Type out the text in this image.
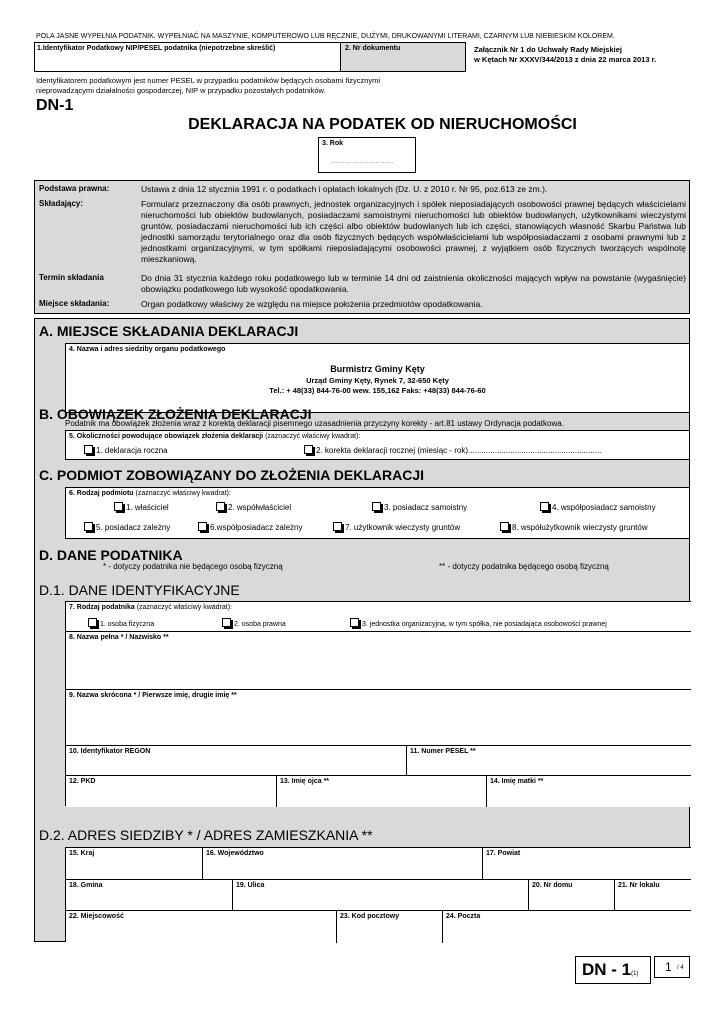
POLA JASNE WYPEŁNIA PODATNIK. WYPEŁNIAĆ NA MASZYNIE, KOMPUTEROWO LUB RĘCZNIE, DUŻYMI, DRUKOWANYMI LITERAMI, CZARNYM LUB NIEBIESKIM KOLOREM.
1.Identyfikator Podatkowy NIP/PESEL podatnika (niepotrzebne skreślić)	2. Nr dokumentu	Załącznik Nr 1 do Uchwały Rady Miejskiej
w Kętach Nr XXXV/344/2013 z dnia 22 marca 2013 r.
Identyfikatorem podatkowym jest numer PESEL w przypadku podatników będących osobami fizycznymi
nieprowadzącymi działalności gospodarczej, NIP w przypadku pozostałych podatników.
DN-1
DEKLARACJA NA PODATEK OD NIERUCHOMOŚCI
3. Rok
………………………
Podstawa prawna:	Ustawa z dnia 12 stycznia 1991 r. o podatkach i opłatach lokalnych (Dz. U. z 2010 r. Nr 95, poz.613 ze zm.).
Składający:	Formularz przeznaczony dla osób prawnych, jednostek organizacyjnych i spółek nieposiadających osobowości prawnej będących właścicielami nieruchomości lub obiektów budowlanych, posiadaczami samoistnymi nieruchomości lub obiektów budowlanych, użytkownikami wieczystymi gruntów, posiadaczami nieruchomości lub ich części albo obiektów budowlanych lub ich części, stanowiących własność Skarbu Państwa lub jednostki samorządu terytorialnego oraz dla osób fizycznych będących współwłaścicielami lub współposiadaczami z osobami prawnymi lub z jednostkami organizacyjnymi, w tym spółkami nieposiadającymi osobowości prawnej, z wyjątkiem osób fizycznych tworzących wspólnotę mieszkaniową.
Termin składania	Do dnia 31 stycznia każdego roku podatkowego lub w terminie 14 dni od zaistnienia okoliczności mających wpływ na powstanie (wygaśnięcie) obowiązku podatkowego lub wysokość opodatkowania.
Miejsce składania:	Organ podatkowy właściwy ze względu na miejsce położenia przedmiotów opodatkowania.
A. MIEJSCE SKŁADANIA DEKLARACJI
4. Nazwa i adres siedziby organu podatkowego
Burmistrz Gminy Kęty
Urząd Gminy Kęty, Rynek 7, 32-650 Kęty
Tel.: + 48(33) 844-76-00 wew. 155,162 Faks: +48(33) 844-76-60
B. OBOWIĄZEK ZŁOŻENIA DEKLARACJI
Podatnik ma obowiązek złożenia wraz z korektą deklaracji pisemnego uzasadnienia przyczyny korekty - art.81 ustawy Ordynacja podatkowa.
5. Okoliczności powodujące obowiązek złożenia deklaracji (zaznaczyć właściwy kwadrat):
1. deklaracja roczna	2. korekta deklaracji rocznej (miesiąc - rok)............................................................
C. PODMIOT ZOBOWIĄZANY DO ZŁOŻENIA DEKLARACJI
6. Rodzaj podmiotu (zaznaczyć właściwy kwadrat):
1. właściciel	2. współwłaściciel	3. posiadacz samoistny	4. współposiadacz samoistny
5. posiadacz zależny	6.współposiadacz zależny	7. użytkownik wieczysty gruntów	8. współużytkownik wieczysty gruntów
D. DANE PODATNIKA
* - dotyczy podatnika nie będącego osobą fizyczną	** - dotyczy podatnika będącego osobą fizyczną
D.1. DANE IDENTYFIKACYJNE
7. Rodzaj podatnika (zaznaczyć właściwy kwadrat):
1. osoba fizyczna	2. osoba prawna	3. jednostka organizacyjna, w tym spółka, nie posiadająca osobowości prawnej
8. Nazwa pełna * / Nazwisko **
9. Nazwa skrócona * / Pierwsze imię, drugie imię **
10. Identyfikator REGON	11. Numer PESEL **
12. PKD	13. Imię ojca **	14. Imię matki **
D.2. ADRES SIEDZIBY * / ADRES ZAMIESZKANIA **
15. Kraj	16. Województwo	17. Powiat
18. Gmina	19. Ulica	20. Nr domu	21. Nr lokalu
22. Miejscowość	23. Kod pocztowy	24. Poczta
DN - 1(1) 1 / 4
